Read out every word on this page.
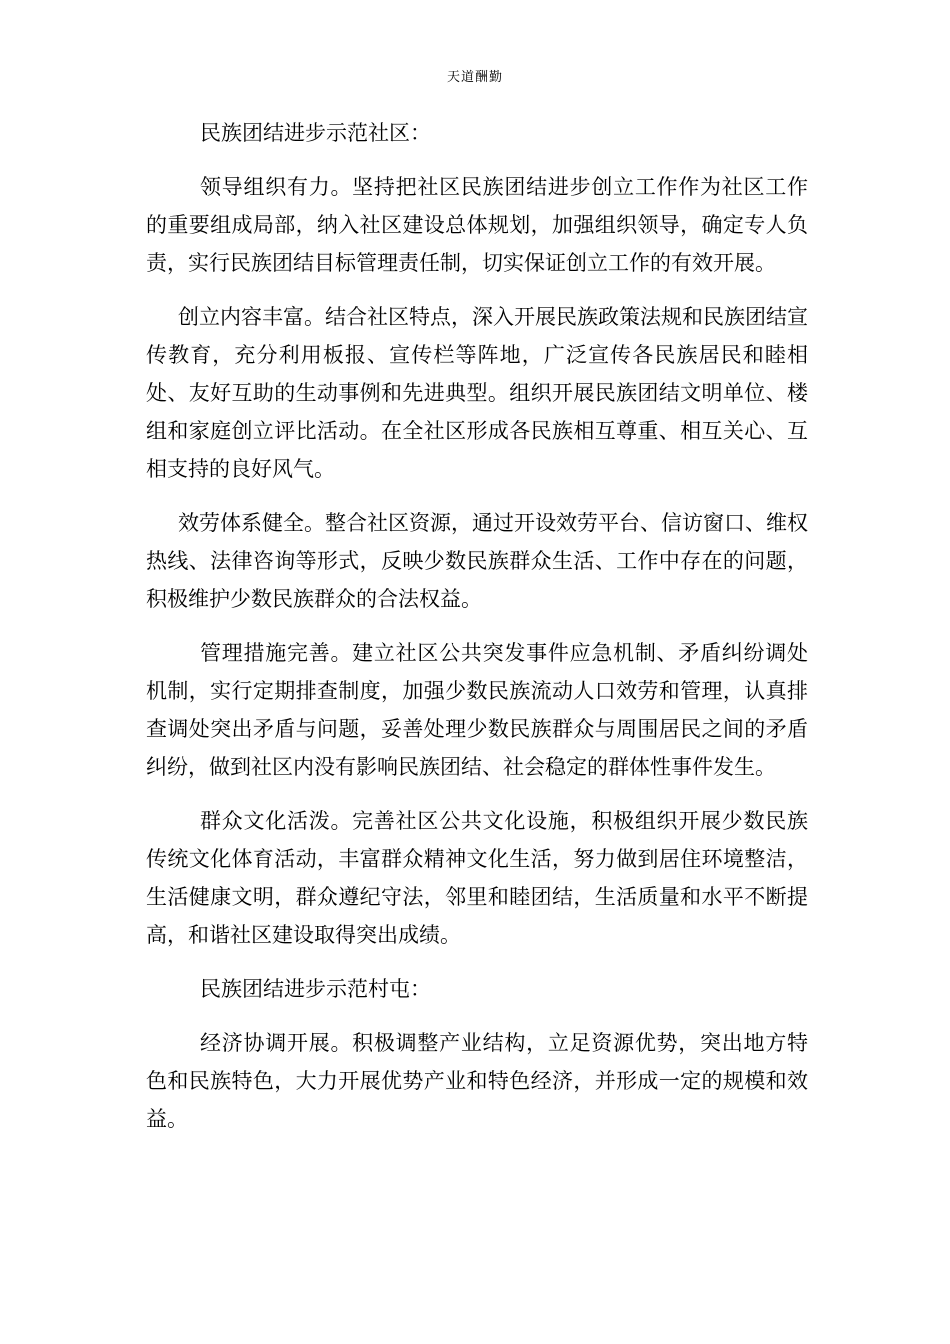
天道酬勤

民族团结进步示范社区：

领导组织有力。坚持把社区民族团结进步创立工作作为社区工作的重要组成局部，纳入社区建设总体规划，加强组织领导，确定专人负责，实行民族团结目标管理责任制，切实保证创立工作的有效开展。

创立内容丰富。结合社区特点，深入开展民族政策法规和民族团结宣传教育，充分利用板报、宣传栏等阵地，广泛宣传各民族居民和睦相处、友好互助的生动事例和先进典型。组织开展民族团结文明单位、楼组和家庭创立评比活动。在全社区形成各民族相互尊重、相互关心、互相支持的良好风气。

效劳体系健全。整合社区资源，通过开设效劳平台、信访窗口、维权热线、法律咨询等形式，反映少数民族群众生活、工作中存在的问题，积极维护少数民族群众的合法权益。

管理措施完善。建立社区公共突发事件应急机制、矛盾纠纷调处机制，实行定期排查制度，加强少数民族流动人口效劳和管理，认真排查调处突出矛盾与问题，妥善处理少数民族群众与周围居民之间的矛盾纠纷，做到社区内没有影响民族团结、社会稳定的群体性事件发生。

群众文化活泼。完善社区公共文化设施，积极组织开展少数民族传统文化体育活动，丰富群众精神文化生活，努力做到居住环境整洁，生活健康文明，群众遵纪守法，邻里和睦团结，生活质量和水平不断提高，和谐社区建设取得突出成绩。

民族团结进步示范村屯：

经济协调开展。积极调整产业结构，立足资源优势，突出地方特色和民族特色，大力开展优势产业和特色经济，并形成一定的规模和效益。
